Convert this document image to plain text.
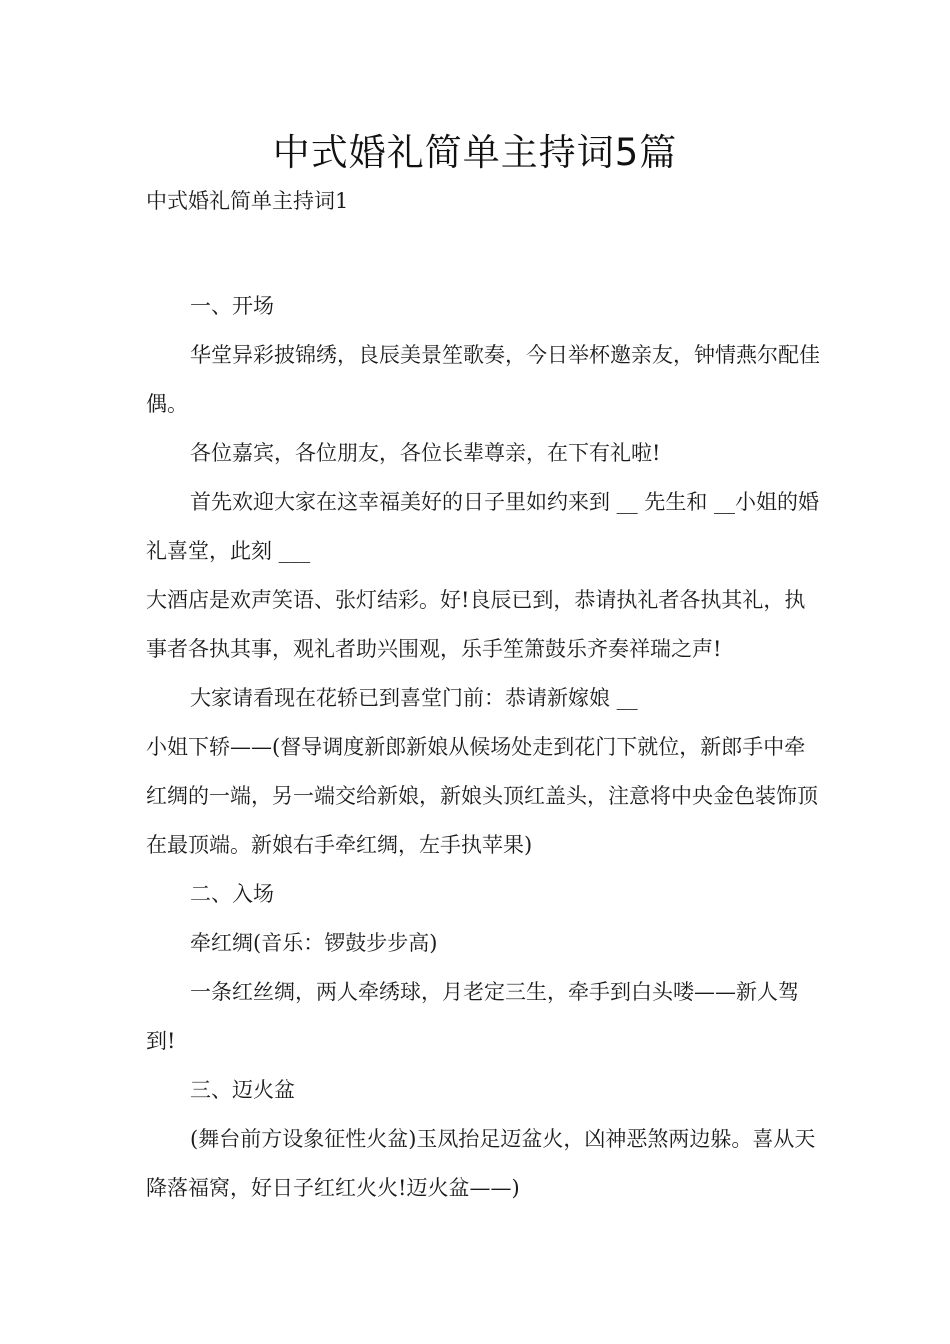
中式婚礼简单主持词5篇
中式婚礼简单主持词1

一、开场

华堂异彩披锦绣，良辰美景笙歌奏，今日举杯邀亲友，钟情燕尔配佳偶。

各位嘉宾，各位朋友，各位长辈尊亲，在下有礼啦!

首先欢迎大家在这幸福美好的日子里如约来到 __ 先生和 __小姐的婚礼喜堂，此刻 ___

大酒店是欢声笑语、张灯结彩。好!良辰已到，恭请执礼者各执其礼，执事者各执其事，观礼者助兴围观，乐手笙箫鼓乐齐奏祥瑞之声!

大家请看现在花轿已到喜堂门前：恭请新嫁娘 __

小姐下轿——(督导调度新郎新娘从候场处走到花门下就位，新郎手中牵红绸的一端，另一端交给新娘，新娘头顶红盖头，注意将中央金色装饰顶在最顶端。新娘右手牵红绸，左手执苹果)

二、入场

牵红绸(音乐：锣鼓步步高)

一条红丝绸，两人牵绣球，月老定三生，牵手到白头喽——新人驾到!

三、迈火盆

(舞台前方设象征性火盆)玉凤抬足迈盆火，凶神恶煞两边躲。喜从天降落福窝，好日子红红火火!迈火盆——)
